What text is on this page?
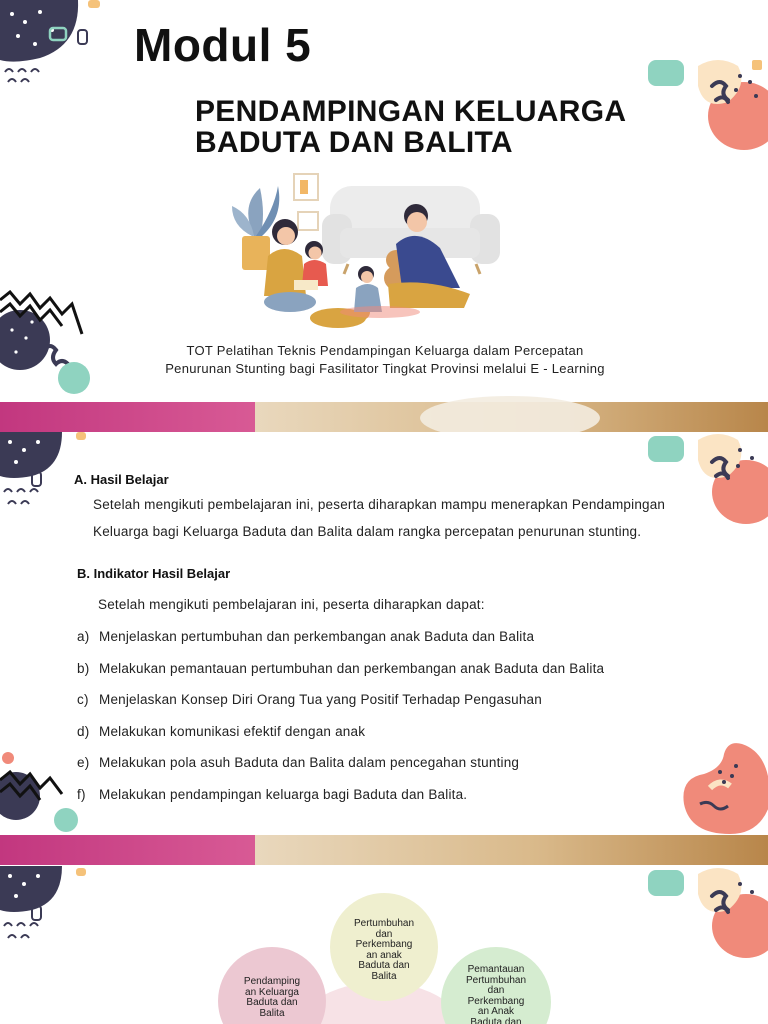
Modul 5
PENDAMPINGAN KELUARGA
BADUTA DAN BALITA
TOT Pelatihan Teknis Pendampingan Keluarga dalam Percepatan
Penurunan Stunting bagi Fasilitator Tingkat Provinsi melalui E - Learning
A. Hasil Belajar
Setelah mengikuti pembelajaran ini, peserta diharapkan mampu menerapkan Pendampingan
Keluarga bagi Keluarga Baduta dan Balita dalam rangka percepatan penurunan stunting.
B. Indikator Hasil Belajar
Setelah mengikuti pembelajaran ini, peserta diharapkan dapat:
a) Menjelaskan pertumbuhan dan perkembangan anak Baduta dan Balita
b) Melakukan pemantauan pertumbuhan dan perkembangan anak Baduta dan Balita
c) Menjelaskan Konsep Diri Orang Tua yang Positif Terhadap Pengasuhan
d) Melakukan komunikasi efektif dengan anak
e) Melakukan pola asuh Baduta dan Balita dalam pencegahan stunting
f) Melakukan pendampingan keluarga bagi Baduta dan Balita.
Pertumbuhan
dan
Perkembang
an anak
Baduta dan
Balita
Pendamping
an Keluarga
Baduta dan
Balita
Pemantauan
Pertumbuhan
dan
Perkembang
an Anak
Baduta dan
